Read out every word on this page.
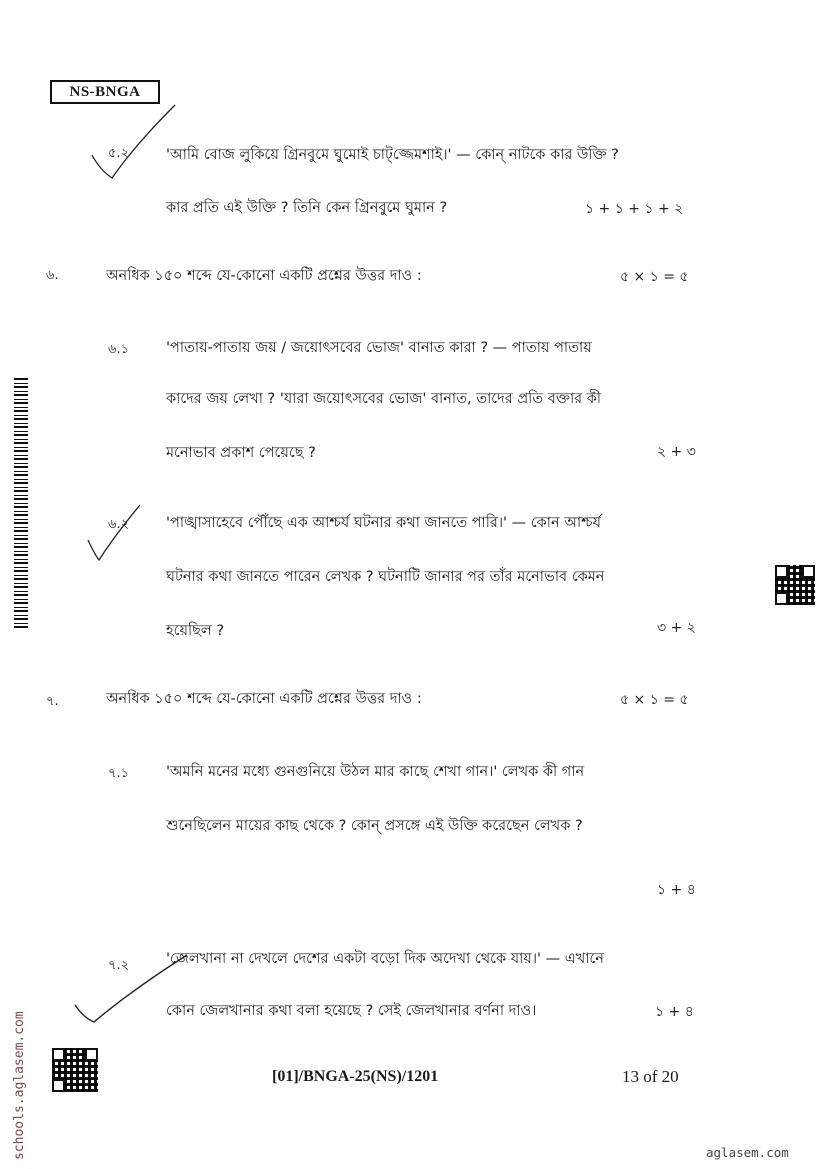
NS-BNGA
৫.২	'আমি বোজ লুকিয়ে গ্রিনবুমে ঘুমোই চাট্‌জ্জেমশাই।' — কোন্ নাটকে কার উক্তি ?
কার প্রতি এই উক্তি ? তিনি কেন গ্রিনবুমে ঘুমান ?	১ + ১ + ১ + ২
৬.	অনধিক ১৫০ শব্দে যে-কোনো একটি প্রশ্নের উত্তর দাও :	৫ × ১ = ৫
৬.১	'পাতায়-পাতায় জয় / জয়োৎসবের ভোজ' বানাত কারা ? — পাতায় পাতায়
কাদের জয় লেখা ? 'যারা জয়োৎসবের ভোজ' বানাত, তাদের প্রতি বক্তার কী
মনোভাব প্রকাশ পেয়েছে ?	২ + ৩
৬.২	'পাঙ্খাসাহেবে পৌঁছে এক আশ্চর্য ঘটনার কথা জানতে পারি।' — কোন আশ্চর্য
ঘটনার কথা জানতে পারেন লেখক ? ঘটনাটি জানার পর তাঁর মনোভাব কেমন
হয়েছিল ?	৩ + ২
৭.	অনধিক ১৫০ শব্দে যে-কোনো একটি প্রশ্নের উত্তর দাও :	৫ × ১ = ৫
৭.১	'অমনি মনের মধ্যে গুনগুনিয়ে উঠল মার কাছে শেখা গান।' লেখক কী গান
শুনেছিলেন মায়ের কাছ থেকে ? কোন্ প্রসঙ্গে এই উক্তি করেছেন লেখক ?
১ + ৪
৭.২	'জেলখানা না দেখলে দেশের একটা বড়ো দিক অদেখা থেকে যায়।' — এখানে
কোন জেলখানার কথা বলা হয়েছে ? সেই জেলখানার বর্ণনা দাও।	১ + ৪
[01]/BNGA-25(NS)/1201	13 of 20
aglasem.com
schools.aglasem.com
